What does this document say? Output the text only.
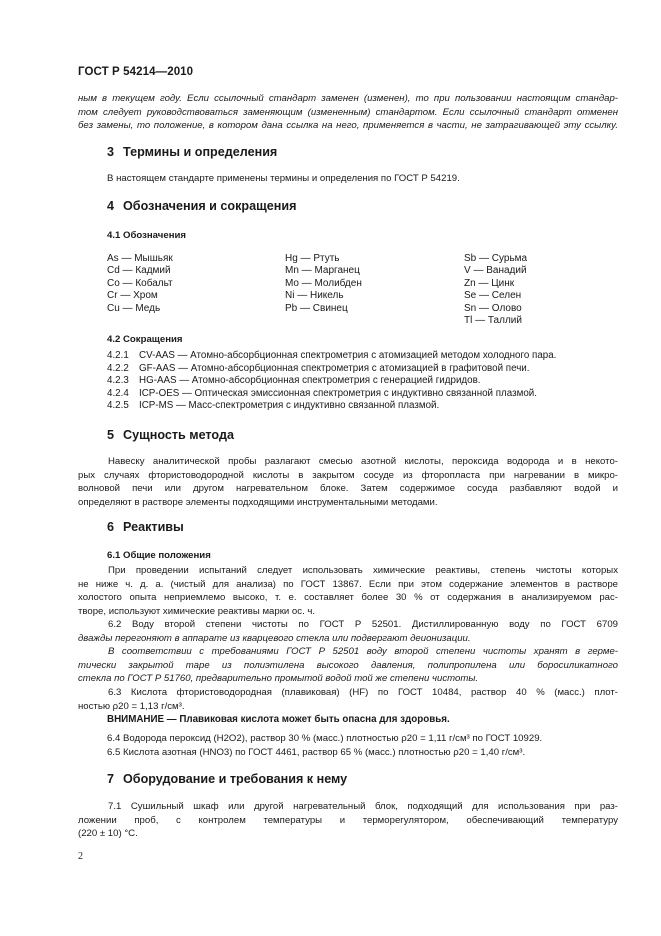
ГОСТ Р 54214—2010
ным в текущем году. Если ссылочный стандарт заменен (изменен), то при пользовании настоящим стандар-
том следует руководствоваться заменяющим (измененным) стандартом. Если ссылочный стандарт отменен
без замены, то положение, в котором дана ссылка на него, применяется в части, не затрагивающей эту ссылку.
3 Термины и определения
В настоящем стандарте применены термины и определения по ГОСТ Р 54219.
4 Обозначения и сокращения
4.1 Обозначения
As — Мышьяк
Cd — Кадмий
Co — Кобальт
Cr — Хром
Cu — Медь
Hg — Ртуть
Mn — Марганец
Mo — Молибден
Ni — Никель
Pb — Свинец
Sb — Сурьма
V — Ванадий
Zn — Цинк
Se — Селен
Sn — Олово
Tl — Таллий
4.2 Сокращения
4.2.1 CV-AAS — Атомно-абсорбционная спектрометрия с атомизацией методом холодного пара.
4.2.2 GF-AAS — Атомно-абсорбционная спектрометрия с атомизацией в графитовой печи.
4.2.3 HG-AAS — Атомно-абсорбционная спектрометрия с генерацией гидридов.
4.2.4 ICP-OES — Оптическая эмиссионная спектрометрия с индуктивно связанной плазмой.
4.2.5 ICP-MS — Масс-спектрометрия с индуктивно связанной плазмой.
5 Сущность метода
Навеску аналитической пробы разлагают смесью азотной кислоты, пероксида водорода и в некото-
рых случаях фтористоводородной кислоты в закрытом сосуде из фторопласта при нагревании в микро-
волновой печи или другом нагревательном блоке. Затем содержимое сосуда разбавляют водой и
определяют в растворе элементы подходящими инструментальными методами.
6 Реактивы
6.1 Общие положения
При проведении испытаний следует использовать химические реактивы, степень чистоты которых
не ниже ч. д. а. (чистый для анализа) по ГОСТ 13867. Если при этом содержание элементов в растворе
холостого опыта неприемлемо высоко, т. е. составляет более 30 % от содержания в анализируемом рас-
творе, используют химические реактивы марки ос. ч.
6.2 Воду второй степени чистоты по ГОСТ Р 52501. Дистиллированную воду по ГОСТ 6709
дважды перегоняют в аппарате из кварцевого стекла или подвергают деионизации.
В соответствии с требованиями ГОСТ Р 52501 воду второй степени чистоты хранят в герме-
тически закрытой таре из полиэтилена высокого давления, полипропилена или боросиликатного
стекла по ГОСТ Р 51760, предварительно промытой водой той же степени чистоты.
6.3 Кислота фтористоводородная (плавиковая) (HF) по ГОСТ 10484, раствор 40 % (масс.) плот-
ностью ρ20 = 1,13 г/см³.
ВНИМАНИЕ — Плавиковая кислота может быть опасна для здоровья.
6.4 Водорода пероксид (H2O2), раствор 30 % (масс.) плотностью ρ20 = 1,11 г/см³ по ГОСТ 10929.
6.5 Кислота азотная (HNO3) по ГОСТ 4461, раствор 65 % (масс.) плотностью ρ20 = 1,40 г/см³.
7 Оборудование и требования к нему
7.1 Сушильный шкаф или другой нагревательный блок, подходящий для использования при раз-
ложении проб, с контролем температуры и терморегулятором, обеспечивающий температуру
(220 ± 10) °С.
2
